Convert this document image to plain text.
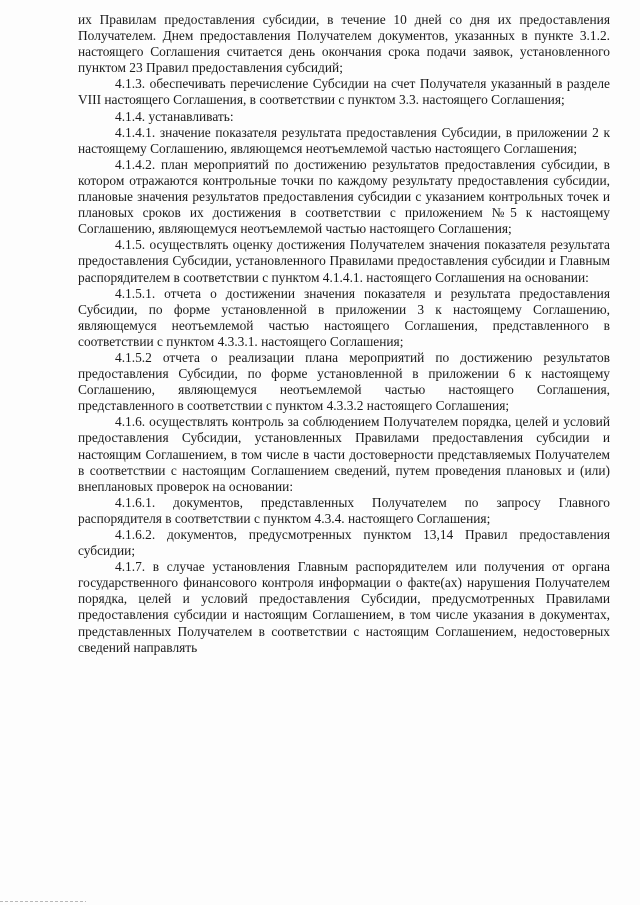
их Правилам предоставления субсидии, в течение 10 дней со дня их предоставления Получателем. Днем предоставления Получателем документов, указанных в пункте 3.1.2. настоящего Соглашения считается день окончания срока подачи заявок, установленного пунктом 23 Правил предоставления субсидий;

4.1.3. обеспечивать перечисление Субсидии на счет Получателя указанный в разделе VIII настоящего Соглашения, в соответствии с пунктом 3.3. настоящего Соглашения;

4.1.4. устанавливать:

4.1.4.1. значение показателя результата предоставления Субсидии, в приложении 2 к настоящему Соглашению, являющемся неотъемлемой частью настоящего Соглашения;

4.1.4.2. план мероприятий по достижению результатов предоставления субсидии, в котором отражаются контрольные точки по каждому результату предоставления субсидии, плановые значения результатов предоставления субсидии с указанием контрольных точек и плановых сроков их достижения в соответствии с приложением №5 к настоящему Соглашению, являющемуся неотъемлемой частью настоящего Соглашения;

4.1.5. осуществлять оценку достижения Получателем значения показателя результата предоставления Субсидии, установленного Правилами предоставления субсидии и Главным распорядителем в соответствии с пунктом 4.1.4.1. настоящего Соглашения на основании:

4.1.5.1. отчета о достижении значения показателя и результата предоставления Субсидии, по форме установленной в приложении 3 к настоящему Соглашению, являющемуся неотъемлемой частью настоящего Соглашения, представленного в соответствии с пунктом 4.3.3.1. настоящего Соглашения;

4.1.5.2 отчета о реализации плана мероприятий по достижению результатов предоставления Субсидии, по форме установленной в приложении 6 к настоящему Соглашению, являющемуся неотъемлемой частью настоящего Соглашения, представленного в соответствии с пунктом 4.3.3.2 настоящего Соглашения;

4.1.6. осуществлять контроль за соблюдением Получателем порядка, целей и условий предоставления Субсидии, установленных Правилами предоставления субсидии и настоящим Соглашением, в том числе в части достоверности представляемых Получателем в соответствии с настоящим Соглашением сведений, путем проведения плановых и (или) внеплановых проверок на основании:

4.1.6.1. документов, представленных Получателем по запросу Главного распорядителя в соответствии с пунктом 4.3.4. настоящего Соглашения;

4.1.6.2. документов, предусмотренных пунктом 13,14 Правил предоставления субсидии;

4.1.7. в случае установления Главным распорядителем или получения от органа государственного финансового контроля информации о факте(ах) нарушения Получателем порядка, целей и условий предоставления Субсидии, предусмотренных Правилами предоставления субсидии и настоящим Соглашением, в том числе указания в документах, представленных Получателем в соответствии с настоящим Соглашением, недостоверных сведений направлять
